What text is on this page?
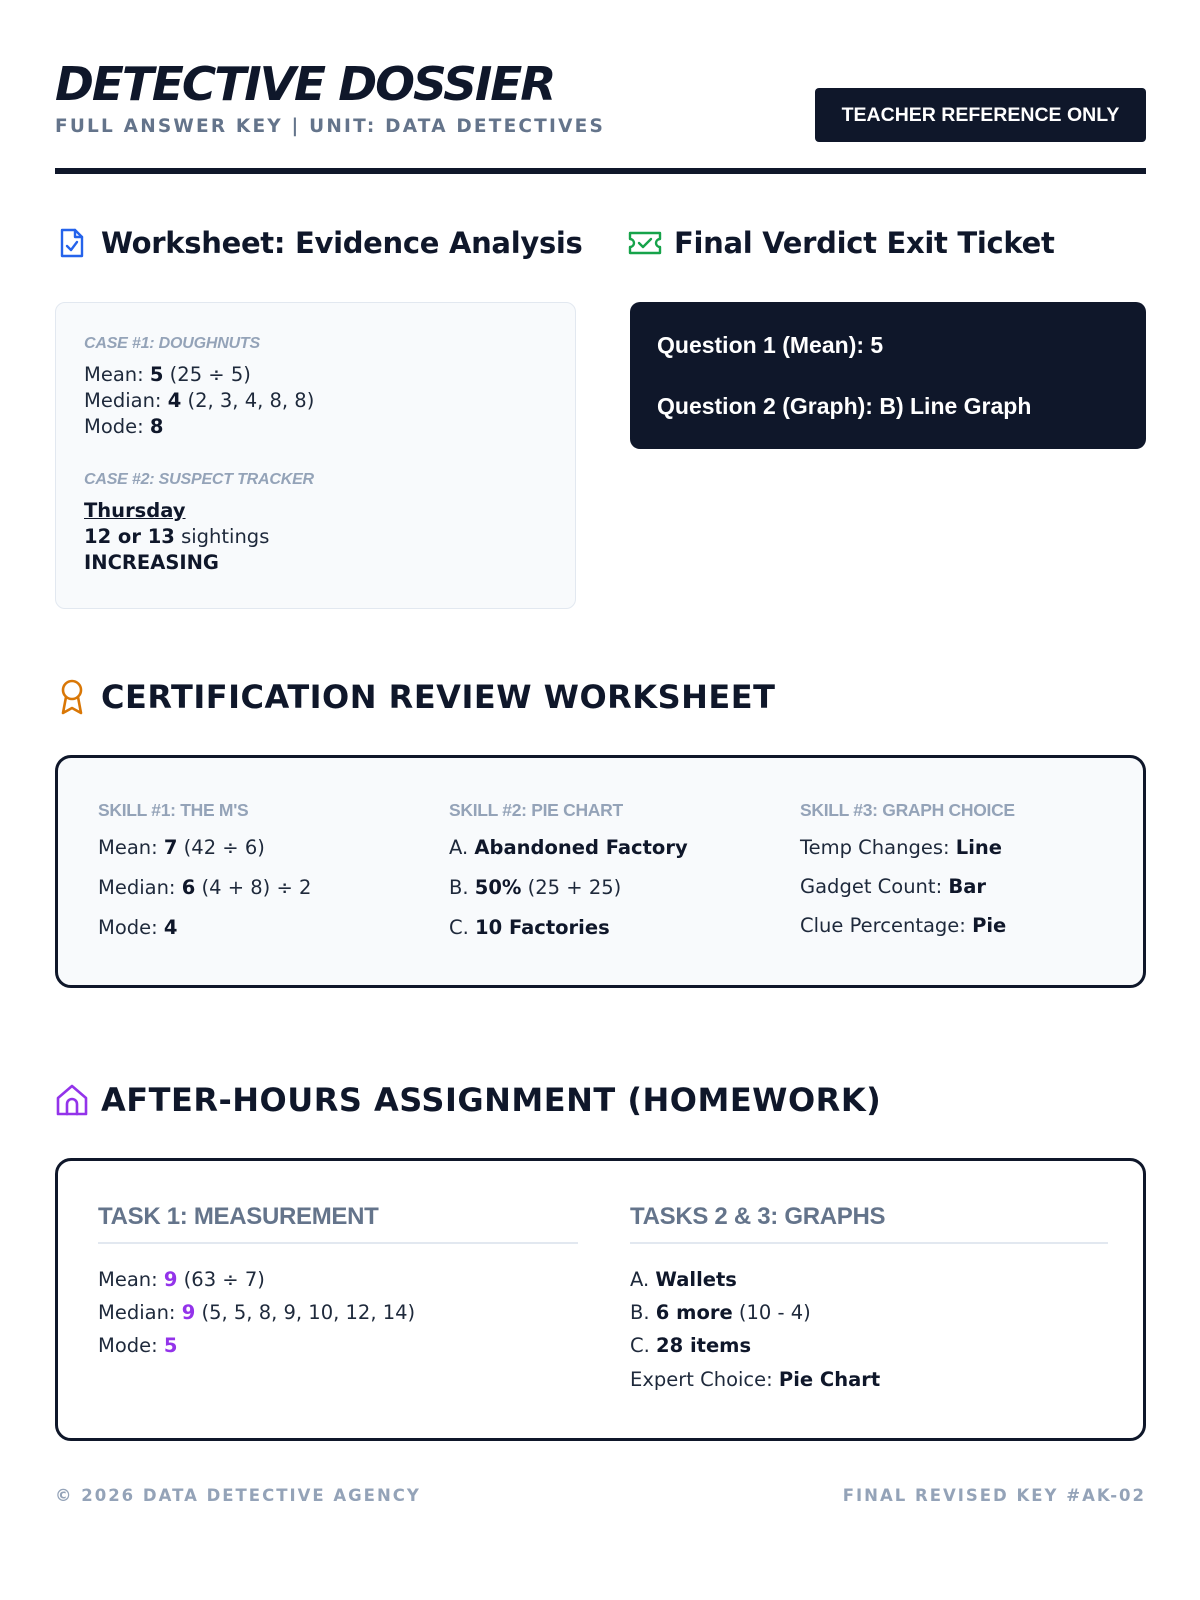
DETECTIVE DOSSIER
FULL ANSWER KEY | UNIT: DATA DETECTIVES
TEACHER REFERENCE ONLY
Worksheet: Evidence Analysis	Final Verdict Exit Ticket
CASE #1: DOUGHNUTS
Mean: 5 (25 ÷ 5)
Median: 4 (2, 3, 4, 8, 8)
Mode: 8
CASE #2: SUSPECT TRACKER
Thursday
12 or 13 sightings
INCREASING
Question 1 (Mean): 5
Question 2 (Graph): B) Line Graph
CERTIFICATION REVIEW WORKSHEET
SKILL #1: THE M'S
Mean: 7 (42 ÷ 6)
Median: 6 (4 + 8) ÷ 2
Mode: 4
SKILL #2: PIE CHART
A. Abandoned Factory
B. 50% (25 + 25)
C. 10 Factories
SKILL #3: GRAPH CHOICE
Temp Changes: Line
Gadget Count: Bar
Clue Percentage: Pie
AFTER-HOURS ASSIGNMENT (HOMEWORK)
TASK 1: MEASUREMENT
Mean: 9 (63 ÷ 7)
Median: 9 (5, 5, 8, 9, 10, 12, 14)
Mode: 5
TASKS 2 & 3: GRAPHS
A. Wallets
B. 6 more (10 - 4)
C. 28 items
Expert Choice: Pie Chart
© 2026 DATA DETECTIVE AGENCY	FINAL REVISED KEY #AK-02
